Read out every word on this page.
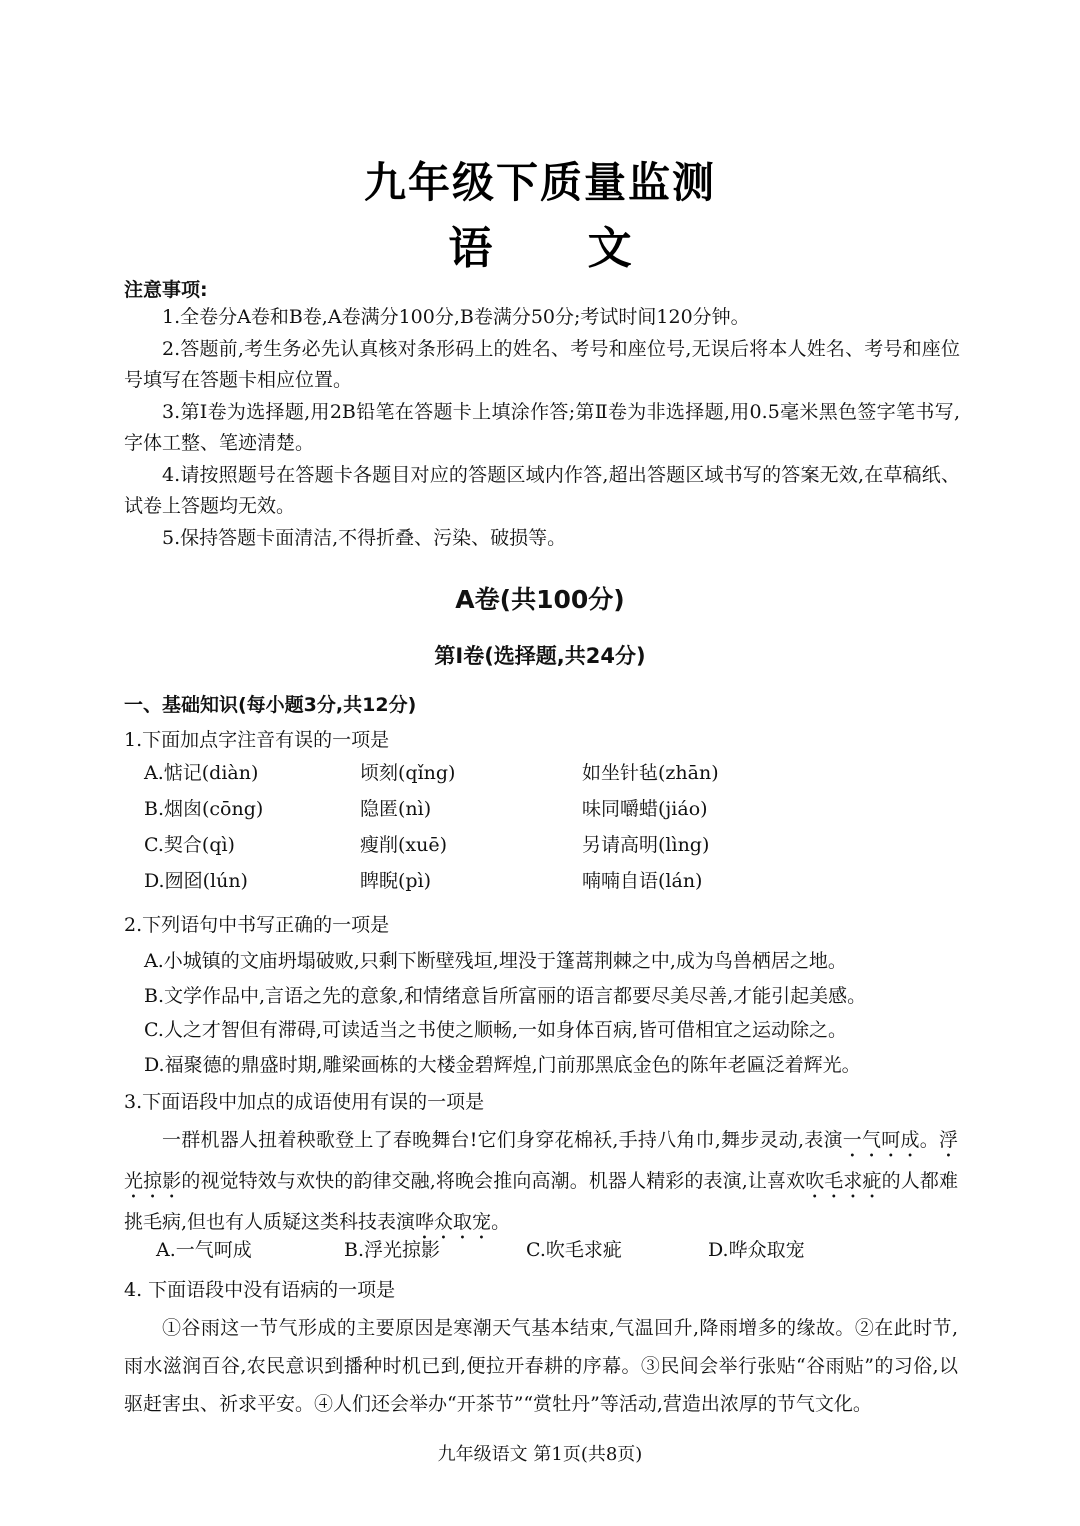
九年级下质量监测
语 文
注意事项:

1.全卷分A卷和B卷,A卷满分100分,B卷满分50分;考试时间120分钟。

2.答题前,考生务必先认真核对条形码上的姓名、考号和座位号,无误后将本人姓名、考号和座位号填写在答题卡相应位置。

3.第Ⅰ卷为选择题,用2B铅笔在答题卡上填涂作答;第Ⅱ卷为非选择题,用0.5毫米黑色签字笔书写,字体工整、笔迹清楚。

4.请按照题号在答题卡各题目对应的答题区域内作答,超出答题区域书写的答案无效,在草稿纸、试卷上答题均无效。

5.保持答题卡面清洁,不得折叠、污染、破损等。

A卷(共100分)
第Ⅰ卷(选择题,共24分)
一、基础知识(每小题3分,共12分)
1.下面加点字注音有误的一项是
A.惦记(diàn)	顷刻(qǐng)	如坐针毡(zhān)
B.烟囱(cōng)	隐匿(nì)	味同嚼蜡(jiáo)
C.契合(qì)	瘦削(xuē)	另请高明(lìng)
D.囫囵(lún)	睥睨(pì)	喃喃自语(lán)
2.下列语句中书写正确的一项是
A.小城镇的文庙坍塌破败,只剩下断壁残垣,埋没于篷蒿荆棘之中,成为鸟兽栖居之地。
B.文学作品中,言语之先的意象,和情绪意旨所富丽的语言都要尽美尽善,才能引起美感。
C.人之才智但有滞碍,可读适当之书使之顺畅,一如身体百病,皆可借相宜之运动除之。
D.福聚德的鼎盛时期,雕梁画栋的大楼金碧辉煌,门前那黑底金色的陈年老匾泛着辉光。
3.下面语段中加点的成语使用有误的一项是

一群机器人扭着秧歌登上了春晚舞台!它们身穿花棉袄,手持八角巾,舞步灵动,表演一气呵成。浮光掠影的视觉特效与欢快的韵律交融,将晚会推向高潮。机器人精彩的表演,让喜欢吹毛求疵的人都难挑毛病,但也有人质疑这类科技表演哗众取宠。

A.一气呵成	B.浮光掠影	C.吹毛求疵	D.哗众取宠
4. 下面语段中没有语病的一项是

①谷雨这一节气形成的主要原因是寒潮天气基本结束,气温回升,降雨增多的缘故。②在此时节,雨水滋润百谷,农民意识到播种时机已到,便拉开春耕的序幕。③民间会举行张贴“谷雨贴”的习俗,以驱赶害虫、祈求平安。④人们还会举办“开茶节”“赏牡丹”等活动,营造出浓厚的节气文化。

九年级语文 第1页(共8页)
